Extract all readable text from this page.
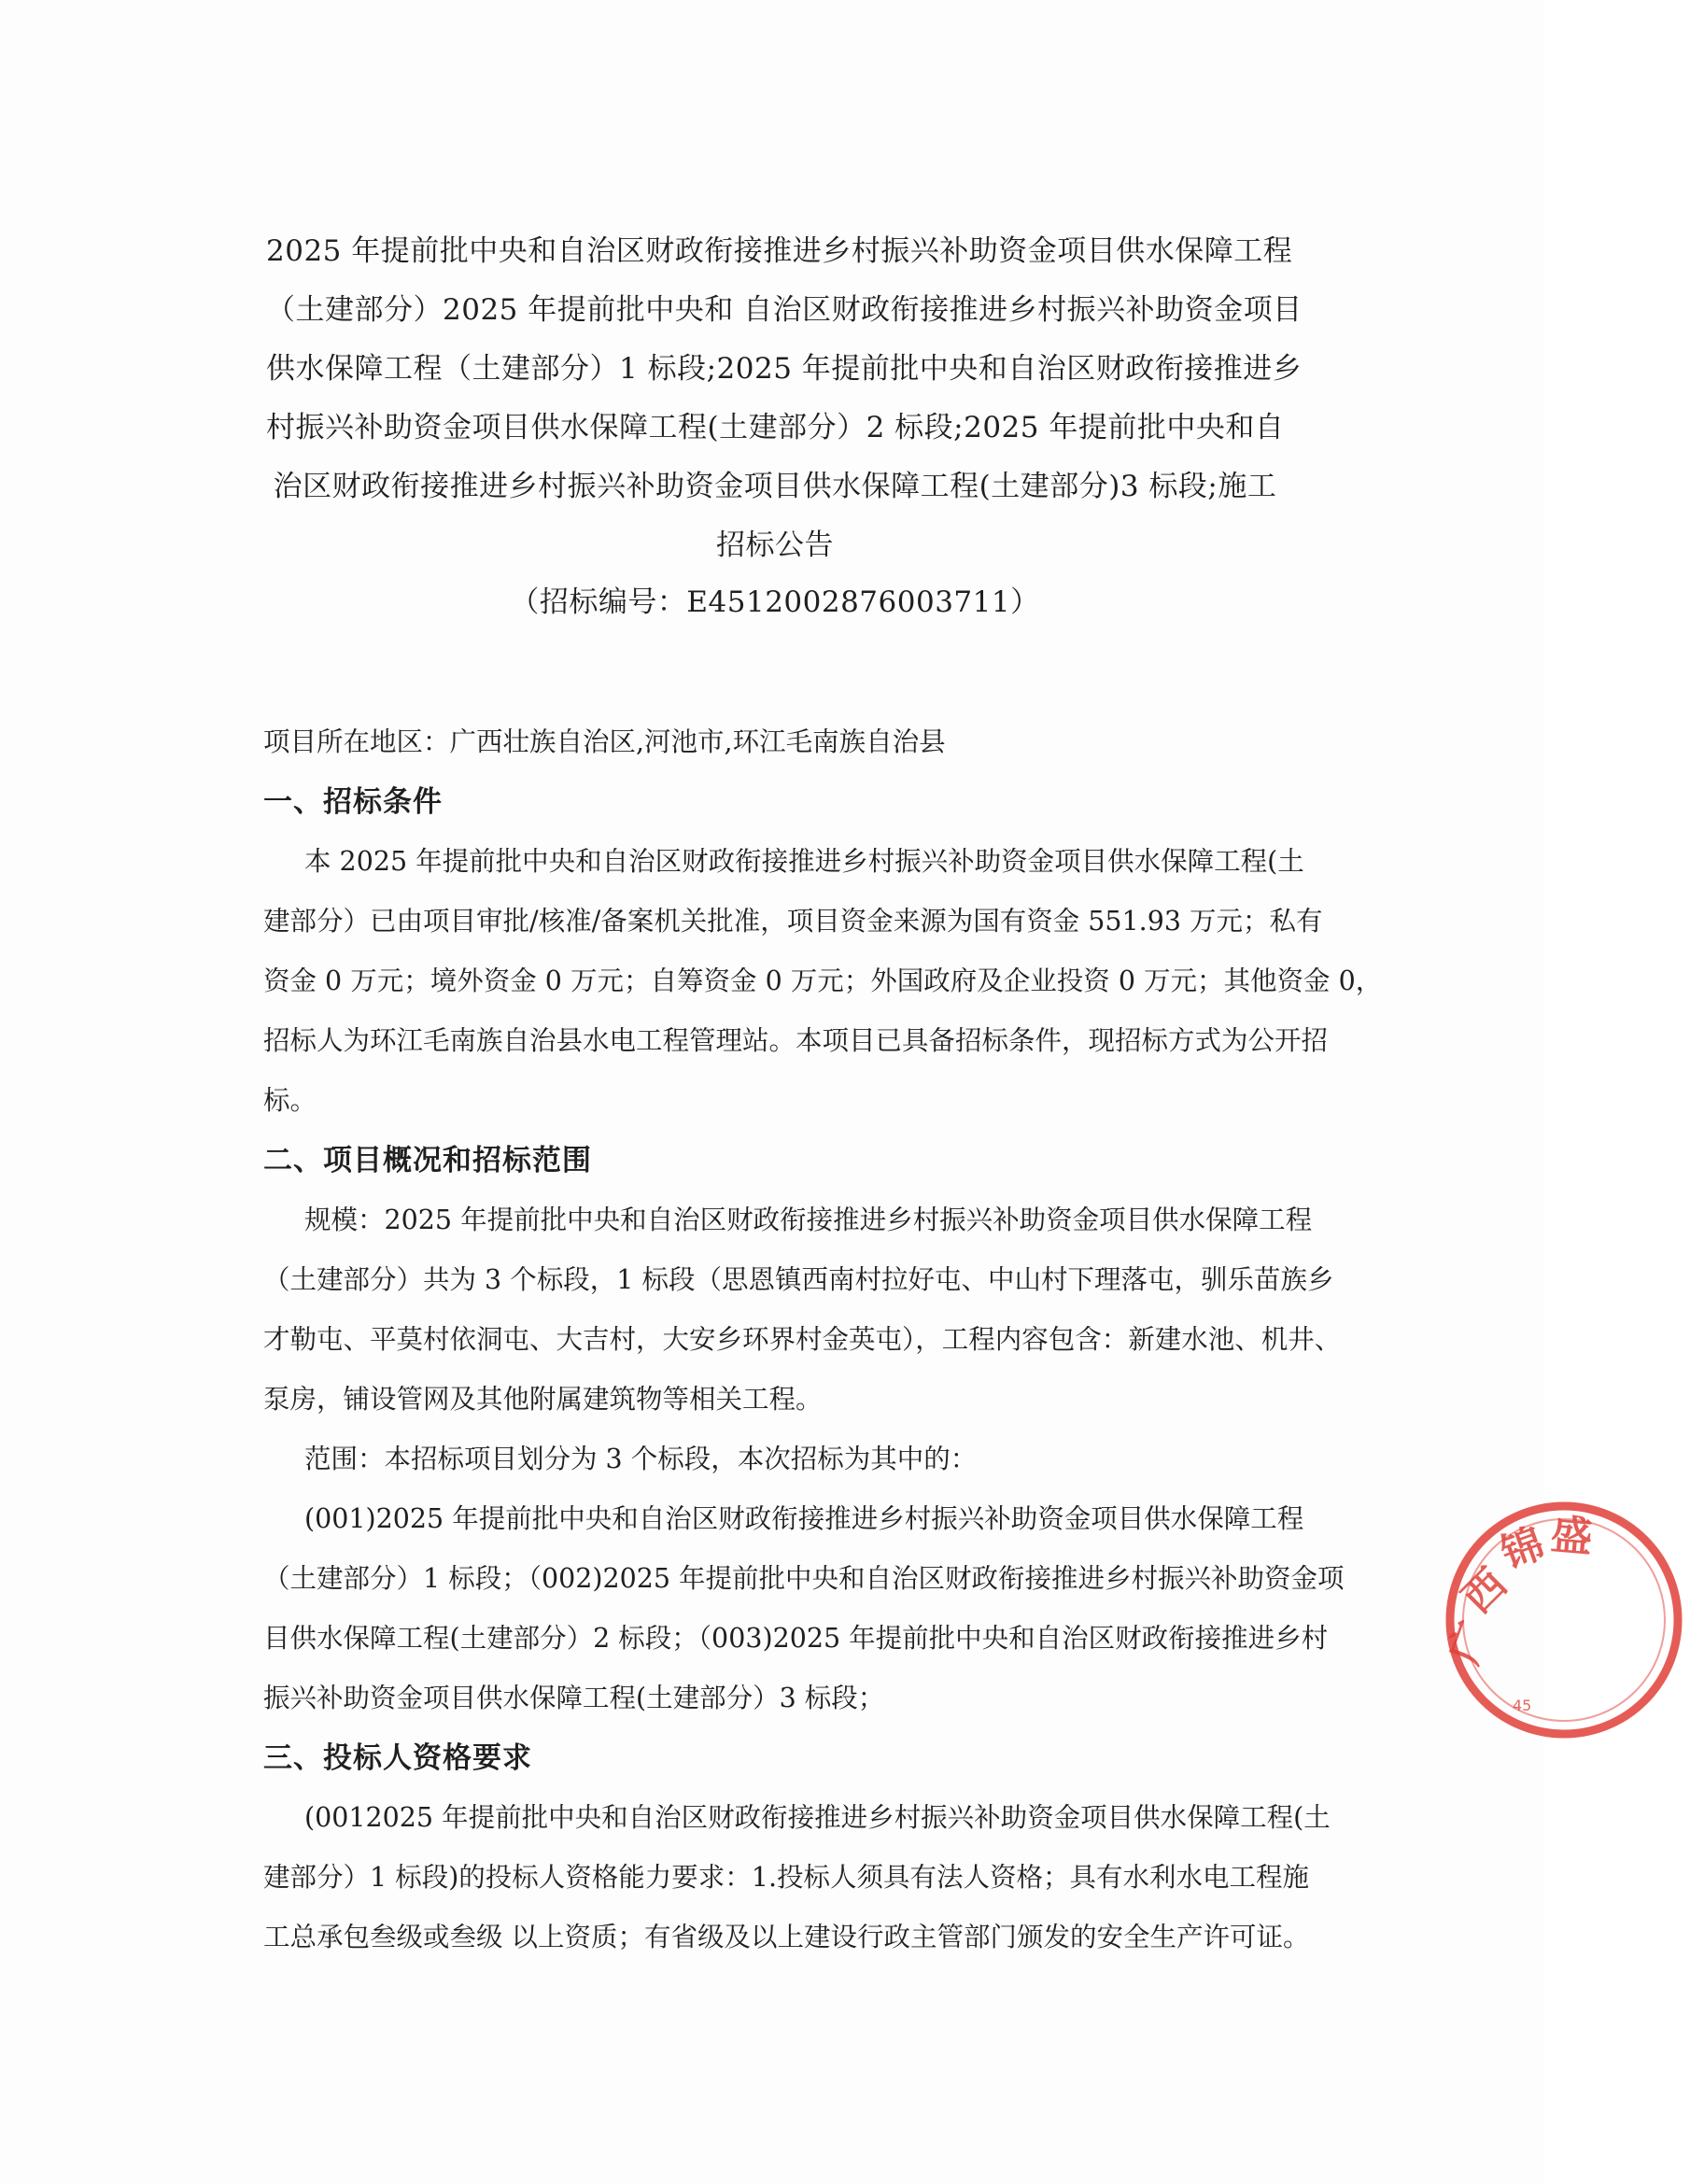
2025 年提前批中央和自治区财政衔接推进乡村振兴补助资金项目供水保障工程
（土建部分）2025 年提前批中央和 自治区财政衔接推进乡村振兴补助资金项目
供水保障工程（土建部分）1 标段;2025 年提前批中央和自治区财政衔接推进乡
村振兴补助资金项目供水保障工程(土建部分）2 标段;2025 年提前批中央和自
治区财政衔接推进乡村振兴补助资金项目供水保障工程(土建部分)3 标段;施工
招标公告
（招标编号：E4512002876003711）

项目所在地区：广西壮族自治区,河池市,环江毛南族自治县

一、招标条件

本 2025 年提前批中央和自治区财政衔接推进乡村振兴补助资金项目供水保障工程(土

建部分）已由项目审批/核准/备案机关批准，项目资金来源为国有资金 551.93 万元；私有

资金 0 万元；境外资金 0 万元；自筹资金 0 万元；外国政府及企业投资 0 万元；其他资金 0，

招标人为环江毛南族自治县水电工程管理站。本项目已具备招标条件，现招标方式为公开招

标。

二、项目概况和招标范围

规模：2025 年提前批中央和自治区财政衔接推进乡村振兴补助资金项目供水保障工程

（土建部分）共为 3 个标段，1 标段（思恩镇西南村拉好屯、中山村下理落屯，驯乐苗族乡

才勒屯、平莫村依洞屯、大吉村，大安乡环界村金英屯），工程内容包含：新建水池、机井、

泵房，铺设管网及其他附属建筑物等相关工程。

范围：本招标项目划分为 3 个标段，本次招标为其中的：

(001)2025 年提前批中央和自治区财政衔接推进乡村振兴补助资金项目供水保障工程

（土建部分）1 标段；（002)2025 年提前批中央和自治区财政衔接推进乡村振兴补助资金项

目供水保障工程(土建部分）2 标段；（003)2025 年提前批中央和自治区财政衔接推进乡村

振兴补助资金项目供水保障工程(土建部分）3 标段；

三、投标人资格要求

(0012025 年提前批中央和自治区财政衔接推进乡村振兴补助资金项目供水保障工程(土

建部分）1 标段)的投标人资格能力要求：1.投标人须具有法人资格；具有水利水电工程施

工总承包叁级或叁级 以上资质；有省级及以上建设行政主管部门颁发的安全生产许可证。

广
西
锦
盛
45
